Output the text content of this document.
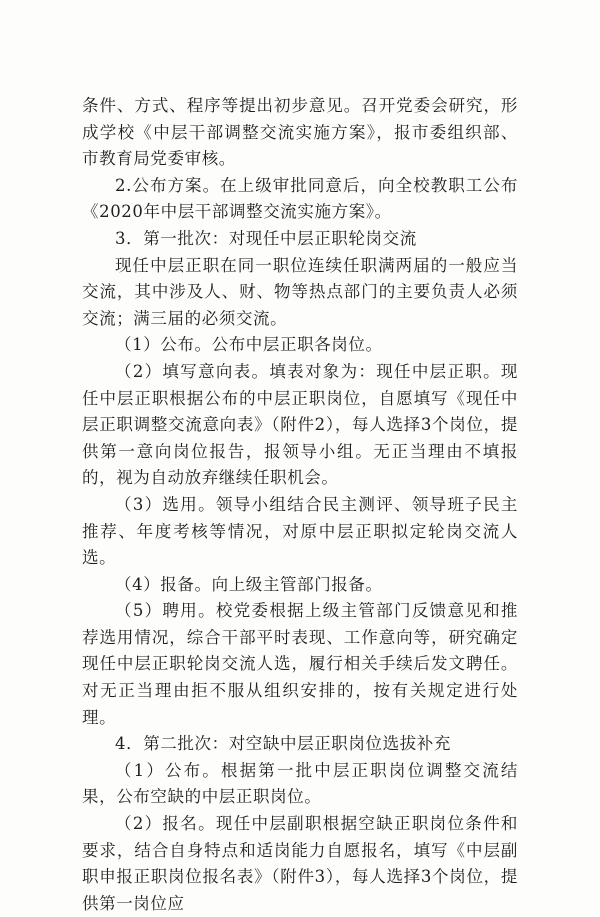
条件、方式、程序等提出初步意见。召开党委会研究，形成学校《中层干部调整交流实施方案》，报市委组织部、市教育局党委审核。

2.公布方案。在上级审批同意后，向全校教职工公布《2020年中层干部调整交流实施方案》。

3．第一批次：对现任中层正职轮岗交流

现任中层正职在同一职位连续任职满两届的一般应当交流，其中涉及人、财、物等热点部门的主要负责人必须交流；满三届的必须交流。

（1）公布。公布中层正职各岗位。

（2）填写意向表。填表对象为：现任中层正职。现任中层正职根据公布的中层正职岗位，自愿填写《现任中层正职调整交流意向表》（附件2），每人选择3个岗位，提供第一意向岗位报告，报领导小组。无正当理由不填报的，视为自动放弃继续任职机会。

（3）选用。领导小组结合民主测评、领导班子民主推荐、年度考核等情况，对原中层正职拟定轮岗交流人选。

（4）报备。向上级主管部门报备。

（5）聘用。校党委根据上级主管部门反馈意见和推荐选用情况，综合干部平时表现、工作意向等，研究确定现任中层正职轮岗交流人选，履行相关手续后发文聘任。对无正当理由拒不服从组织安排的，按有关规定进行处理。

4．第二批次：对空缺中层正职岗位选拔补充

（1）公布。根据第一批中层正职岗位调整交流结果，公布空缺的中层正职岗位。

（2）报名。现任中层副职根据空缺正职岗位条件和要求，结合自身特点和适岗能力自愿报名，填写《中层副职申报正职岗位报名表》（附件3），每人选择3个岗位，提供第一岗位应
